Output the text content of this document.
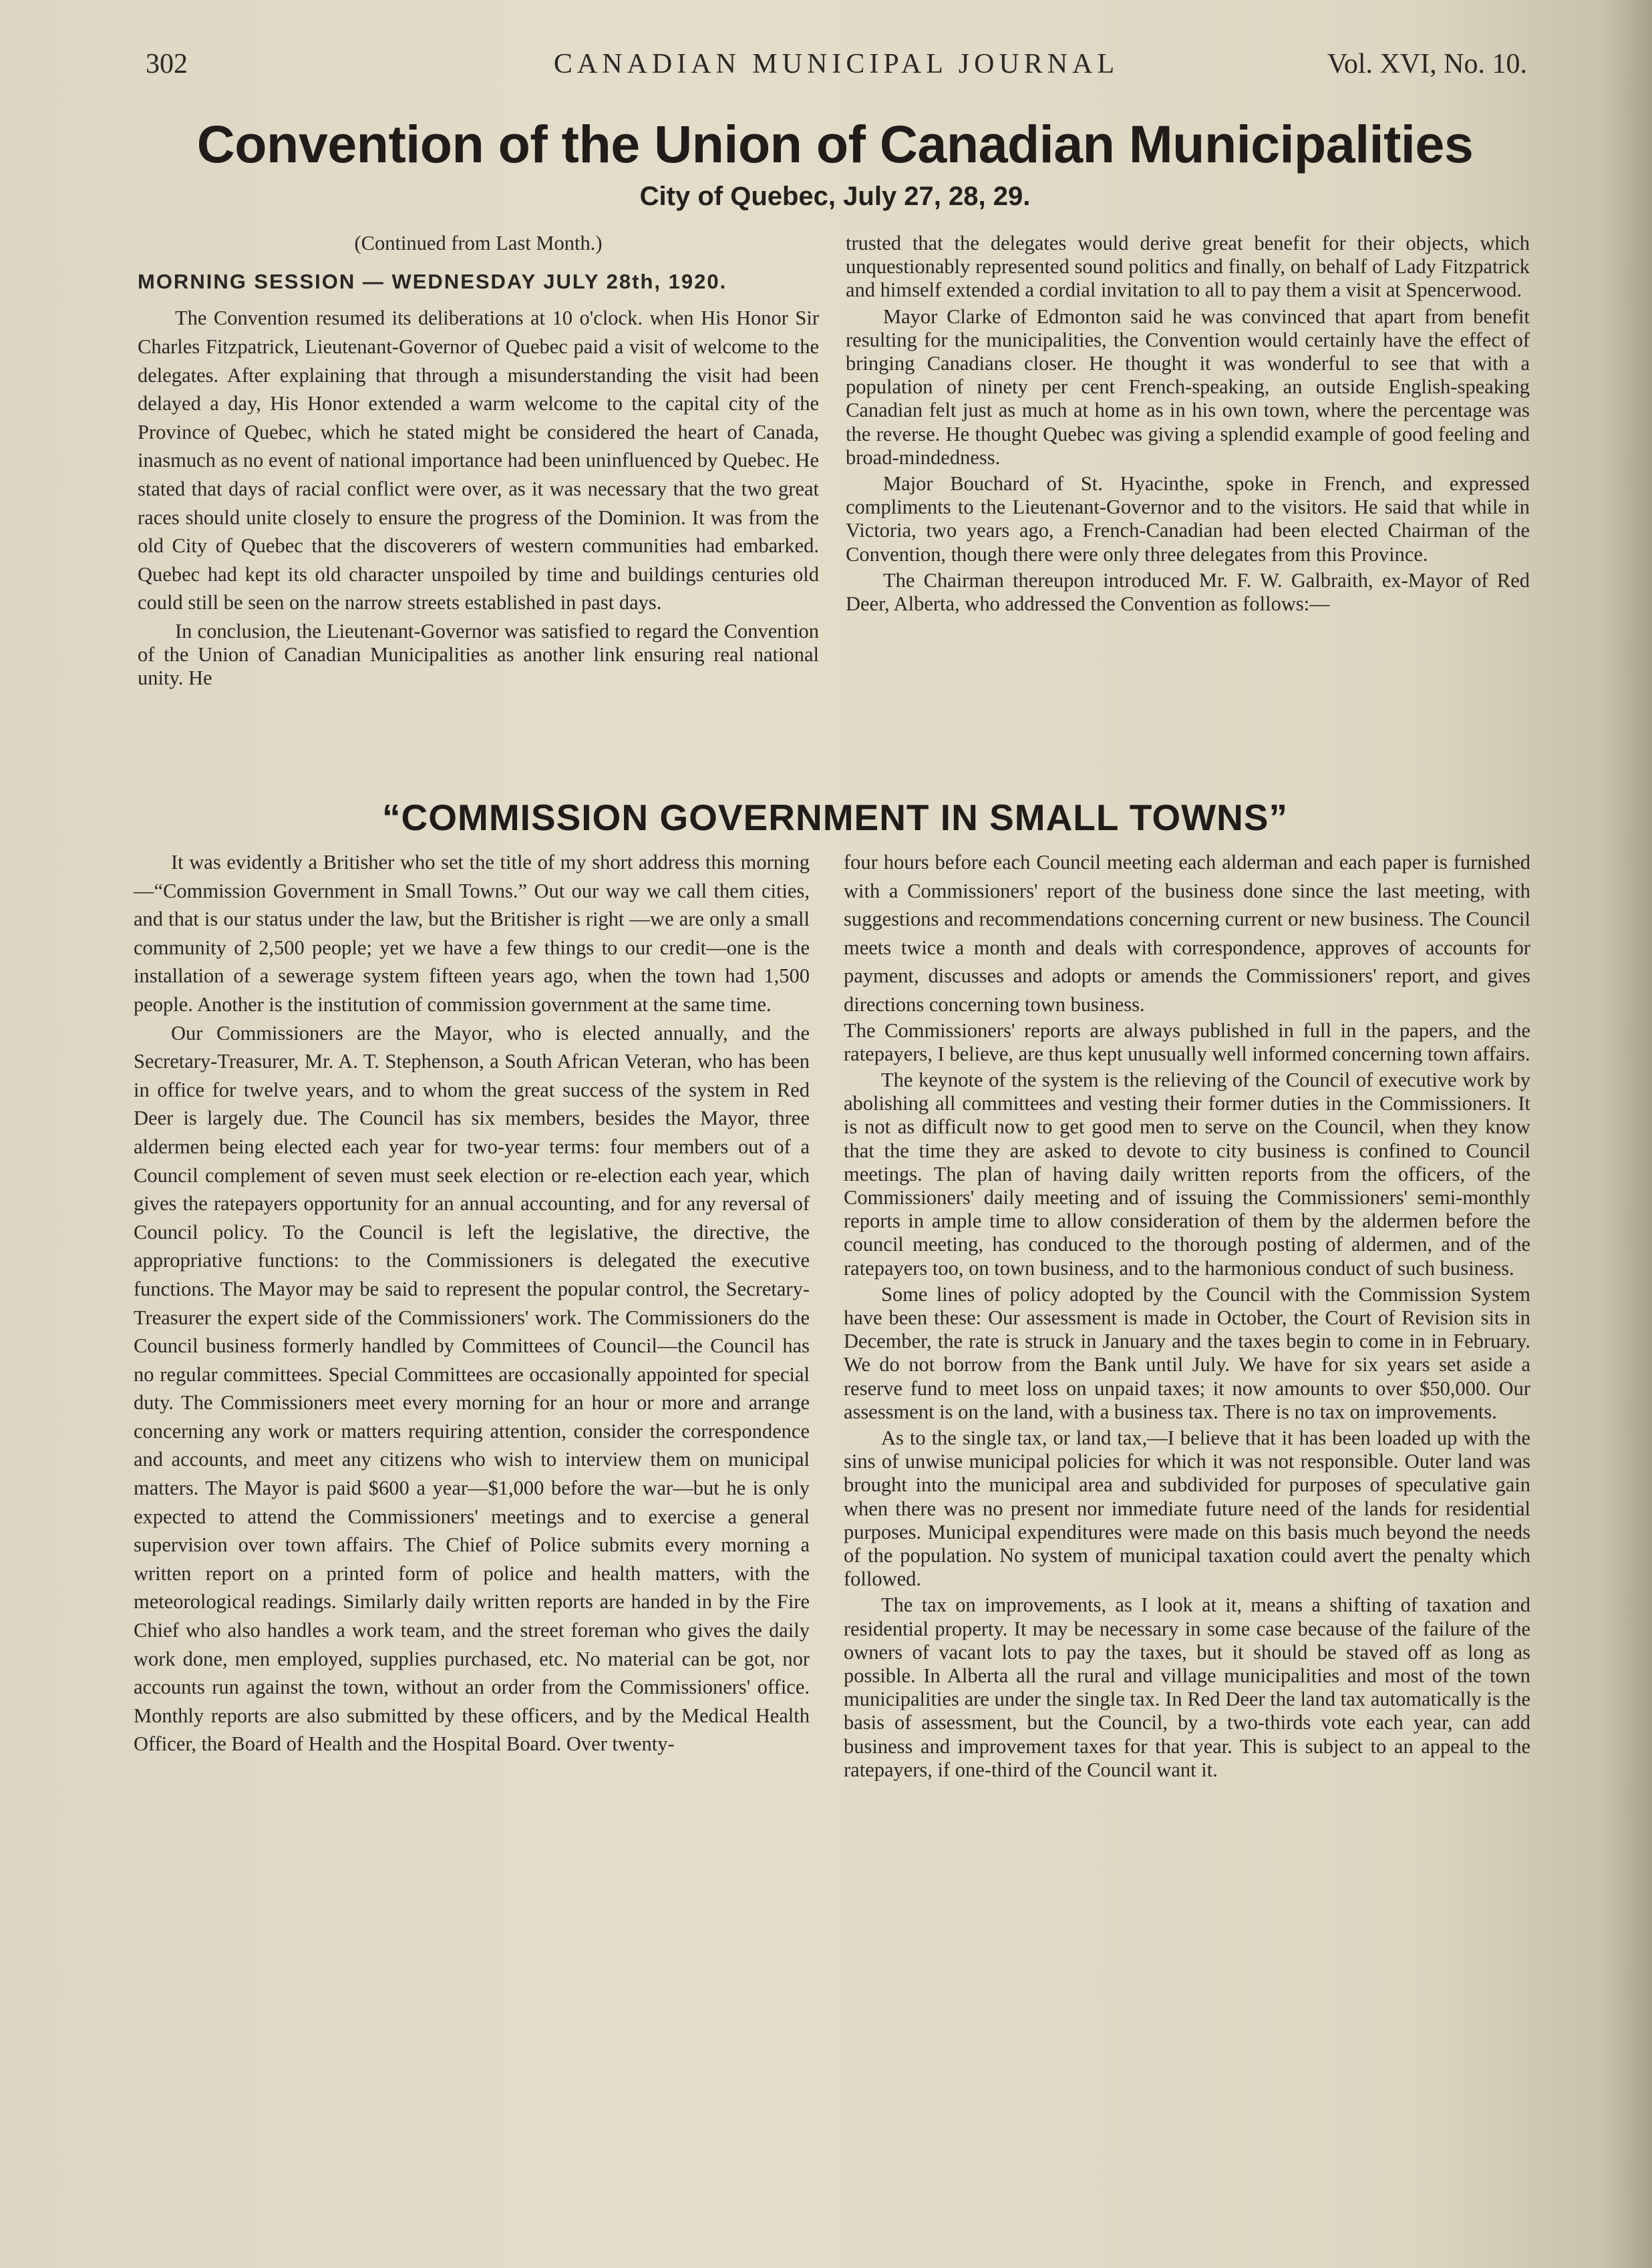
302	CANADIAN MUNICIPAL JOURNAL	Vol. XVI, No. 10.
Convention of the Union of Canadian Municipalities
City of Quebec, July 27, 28, 29.

(Continued from Last Month.)

MORNING SESSION — WEDNESDAY JULY 28th, 1920.

The Convention resumed its deliberations at 10 o'clock. when His Honor Sir Charles Fitzpatrick, Lieutenant-Governor of Quebec paid a visit of welcome to the delegates. After explaining that through a misunderstanding the visit had been delayed a day, His Honor extended a warm welcome to the capital city of the Province of Quebec, which he stated might be considered the heart of Canada, inasmuch as no event of national importance had been uninfluenced by Quebec. He stated that days of racial conflict were over, as it was necessary that the two great races should unite closely to ensure the progress of the Dominion. It was from the old City of Quebec that the discoverers of western communities had embarked. Quebec had kept its old character unspoiled by time and buildings centuries old could still be seen on the narrow streets established in past days.

In conclusion, the Lieutenant-Governor was satisfied to regard the Convention of the Union of Canadian Municipalities as another link ensuring real national unity. He

trusted that the delegates would derive great benefit for their objects, which unquestionably represented sound politics and finally, on behalf of Lady Fitzpatrick and himself extended a cordial invitation to all to pay them a visit at Spencerwood.

Mayor Clarke of Edmonton said he was convinced that apart from benefit resulting for the municipalities, the Convention would certainly have the effect of bringing Canadians closer. He thought it was wonderful to see that with a population of ninety per cent French-speaking, an outside English-speaking Canadian felt just as much at home as in his own town, where the percentage was the reverse. He thought Quebec was giving a splendid example of good feeling and broad-mindedness.

Major Bouchard of St. Hyacinthe, spoke in French, and expressed compliments to the Lieutenant-Governor and to the visitors. He said that while in Victoria, two years ago, a French-Canadian had been elected Chairman of the Convention, though there were only three delegates from this Province.

The Chairman thereupon introduced Mr. F. W. Galbraith, ex-Mayor of Red Deer, Alberta, who addressed the Convention as follows:—

“COMMISSION GOVERNMENT IN SMALL TOWNS”

It was evidently a Britisher who set the title of my short address this morning—“Commission Government in Small Towns.” Out our way we call them cities, and that is our status under the law, but the Britisher is right —we are only a small community of 2,500 people; yet we have a few things to our credit—one is the installation of a sewerage system fifteen years ago, when the town had 1,500 people. Another is the institution of commission government at the same time.

Our Commissioners are the Mayor, who is elected annually, and the Secretary-Treasurer, Mr. A. T. Stephenson, a South African Veteran, who has been in office for twelve years, and to whom the great success of the system in Red Deer is largely due. The Council has six members, besides the Mayor, three aldermen being elected each year for two-year terms: four members out of a Council complement of seven must seek election or re-election each year, which gives the ratepayers opportunity for an annual accounting, and for any reversal of Council policy. To the Council is left the legislative, the directive, the appropriative functions: to the Commissioners is delegated the executive functions. The Mayor may be said to represent the popular control, the Secretary-Treasurer the expert side of the Commissioners' work. The Commissioners do the Council business formerly handled by Committees of Council—the Council has no regular committees. Special Committees are occasionally appointed for special duty. The Commissioners meet every morning for an hour or more and arrange concerning any work or matters requiring attention, consider the correspondence and accounts, and meet any citizens who wish to interview them on municipal matters. The Mayor is paid $600 a year—$1,000 before the war—but he is only expected to attend the Commissioners' meetings and to exercise a general supervision over town affairs. The Chief of Police submits every morning a written report on a printed form of police and health matters, with the meteorological readings. Similarly daily written reports are handed in by the Fire Chief who also handles a work team, and the street foreman who gives the daily work done, men employed, supplies purchased, etc. No material can be got, nor accounts run against the town, without an order from the Commissioners' office. Monthly reports are also submitted by these officers, and by the Medical Health Officer, the Board of Health and the Hospital Board. Over twenty-

four hours before each Council meeting each alderman and each paper is furnished with a Commissioners' report of the business done since the last meeting, with suggestions and recommendations concerning current or new business. The Council meets twice a month and deals with correspondence, approves of accounts for payment, discusses and adopts or amends the Commissioners' report, and gives directions concerning town business.

The Commissioners' reports are always published in full in the papers, and the ratepayers, I believe, are thus kept unusually well informed concerning town affairs.

The keynote of the system is the relieving of the Council of executive work by abolishing all committees and vesting their former duties in the Commissioners. It is not as difficult now to get good men to serve on the Council, when they know that the time they are asked to devote to city business is confined to Council meetings. The plan of having daily written reports from the officers, of the Commissioners' daily meeting and of issuing the Commissioners' semi-monthly reports in ample time to allow consideration of them by the aldermen before the council meeting, has conduced to the thorough posting of aldermen, and of the ratepayers too, on town business, and to the harmonious conduct of such business.

Some lines of policy adopted by the Council with the Commission System have been these: Our assessment is made in October, the Court of Revision sits in December, the rate is struck in January and the taxes begin to come in in February. We do not borrow from the Bank until July. We have for six years set aside a reserve fund to meet loss on unpaid taxes; it now amounts to over $50,000. Our assessment is on the land, with a business tax. There is no tax on improvements.

As to the single tax, or land tax,—I believe that it has been loaded up with the sins of unwise municipal policies for which it was not responsible. Outer land was brought into the municipal area and subdivided for purposes of speculative gain when there was no present nor immediate future need of the lands for residential purposes. Municipal expenditures were made on this basis much beyond the needs of the population. No system of municipal taxation could avert the penalty which followed.

The tax on improvements, as I look at it, means a shifting of taxation and residential property. It may be necessary in some case because of the failure of the owners of vacant lots to pay the taxes, but it should be staved off as long as possible. In Alberta all the rural and village municipalities and most of the town municipalities are under the single tax. In Red Deer the land tax automatically is the basis of assessment, but the Council, by a two-thirds vote each year, can add business and improvement taxes for that year. This is subject to an appeal to the ratepayers, if one-third of the Council want it.
